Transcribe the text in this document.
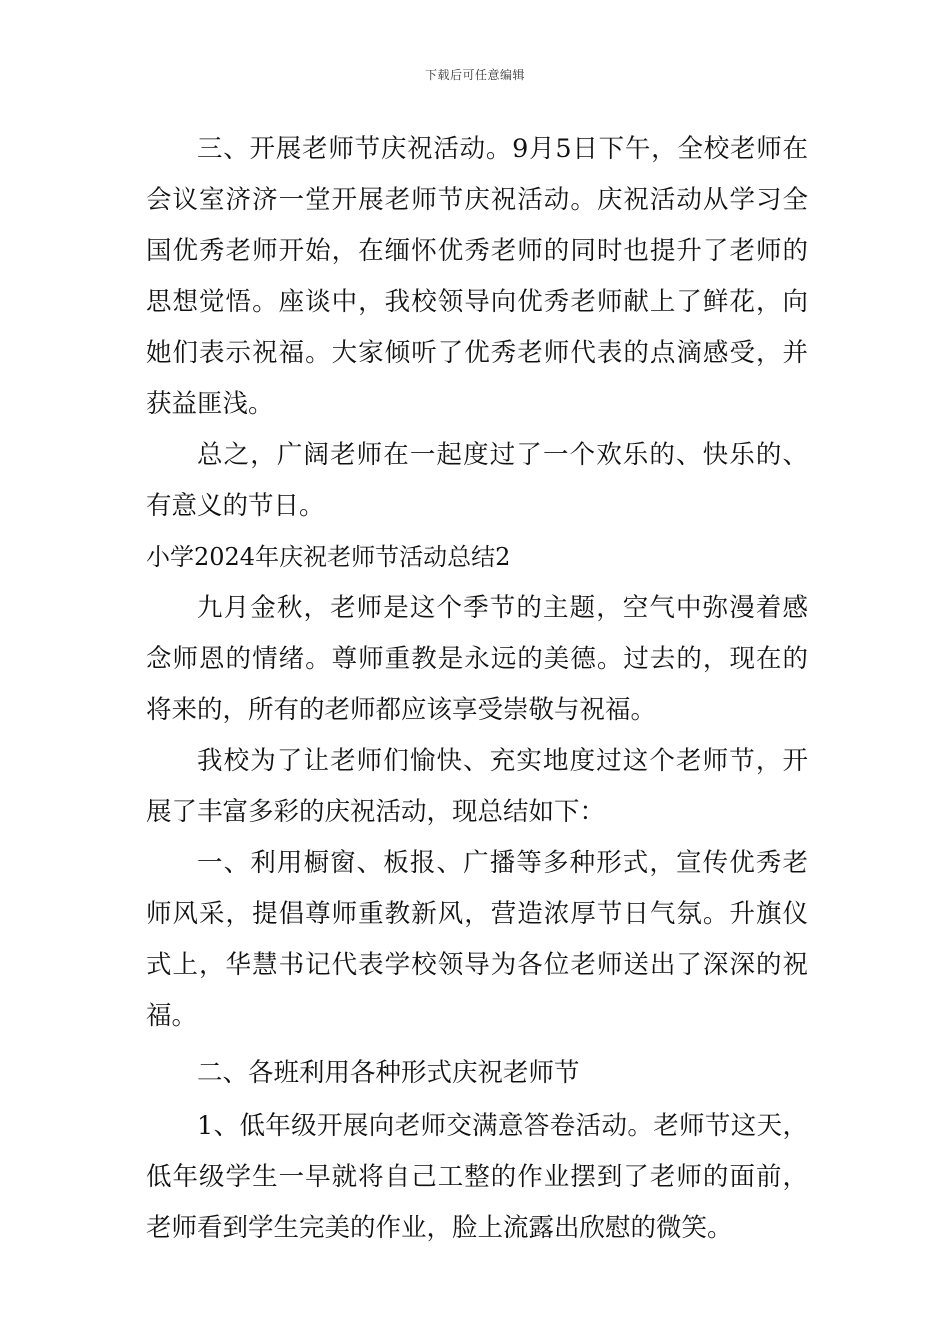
下载后可任意编辑

三、开展老师节庆祝活动。9月5日下午，全校老师在会议室济济一堂开展老师节庆祝活动。庆祝活动从学习全国优秀老师开始，在缅怀优秀老师的同时也提升了老师的思想觉悟。座谈中，我校领导向优秀老师献上了鲜花，向她们表示祝福。大家倾听了优秀老师代表的点滴感受，并获益匪浅。

总之，广阔老师在一起度过了一个欢乐的、快乐的、有意义的节日。

小学2024年庆祝老师节活动总结2

九月金秋，老师是这个季节的主题，空气中弥漫着感念师恩的情绪。尊师重教是永远的美德。过去的，现在的将来的，所有的老师都应该享受崇敬与祝福。

我校为了让老师们愉快、充实地度过这个老师节，开展了丰富多彩的庆祝活动，现总结如下：

一、利用橱窗、板报、广播等多种形式，宣传优秀老师风采，提倡尊师重教新风，营造浓厚节日气氛。升旗仪式上，华慧书记代表学校领导为各位老师送出了深深的祝福。

二、各班利用各种形式庆祝老师节

1、低年级开展向老师交满意答卷活动。老师节这天，低年级学生一早就将自己工整的作业摆到了老师的面前，老师看到学生完美的作业，脸上流露出欣慰的微笑。
